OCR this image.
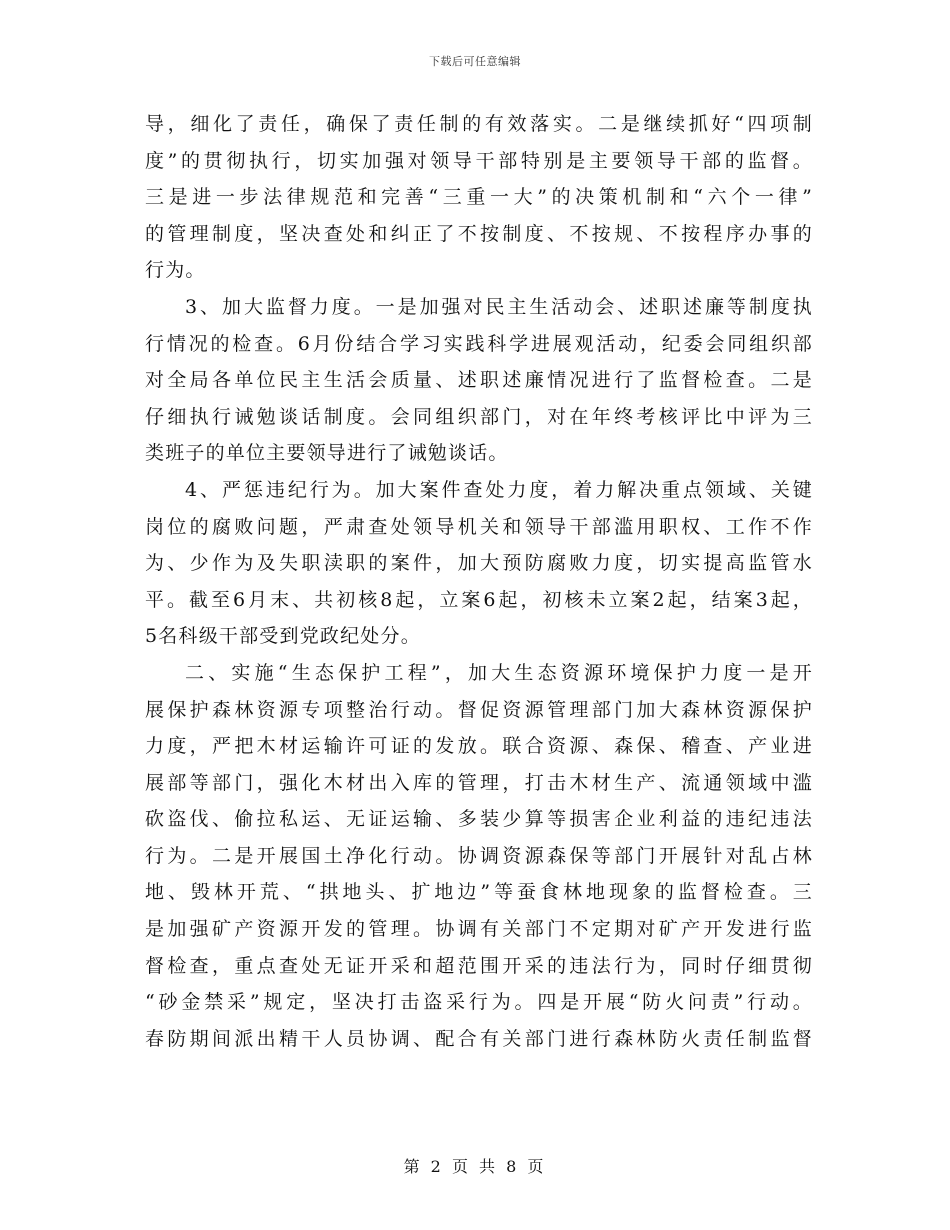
下载后可任意编辑
导，细化了责任，确保了责任制的有效落实。二是继续抓好“四项制
度”的贯彻执行，切实加强对领导干部特别是主要领导干部的监督。
三是进一步法律规范和完善“三重一大”的决策机制和“六个一律”
的管理制度，坚决查处和纠正了不按制度、不按规、不按程序办事的
行为。
3、加大监督力度。一是加强对民主生活动会、述职述廉等制度执
行情况的检查。6月份结合学习实践科学进展观活动，纪委会同组织部
对全局各单位民主生活会质量、述职述廉情况进行了监督检查。二是
仔细执行诫勉谈话制度。会同组织部门，对在年终考核评比中评为三
类班子的单位主要领导进行了诫勉谈话。
4、严惩违纪行为。加大案件查处力度，着力解决重点领域、关键
岗位的腐败问题，严肃查处领导机关和领导干部滥用职权、工作不作
为、少作为及失职渎职的案件，加大预防腐败力度，切实提高监管水
平。截至6月末、共初核8起，立案6起，初核未立案2起，结案3起，
5名科级干部受到党政纪处分。
二、实施“生态保护工程”，加大生态资源环境保护力度一是开
展保护森林资源专项整治行动。督促资源管理部门加大森林资源保护
力度，严把木材运输许可证的发放。联合资源、森保、稽查、产业进
展部等部门，强化木材出入库的管理，打击木材生产、流通领域中滥
砍盗伐、偷拉私运、无证运输、多装少算等损害企业利益的违纪违法
行为。二是开展国土净化行动。协调资源森保等部门开展针对乱占林
地、毁林开荒、“拱地头、扩地边”等蚕食林地现象的监督检查。三
是加强矿产资源开发的管理。协调有关部门不定期对矿产开发进行监
督检查，重点查处无证开采和超范围开采的违法行为，同时仔细贯彻
“砂金禁采”规定，坚决打击盗采行为。四是开展“防火问责”行动。
春防期间派出精干人员协调、配合有关部门进行森林防火责任制监督
第 2 页 共 8 页
